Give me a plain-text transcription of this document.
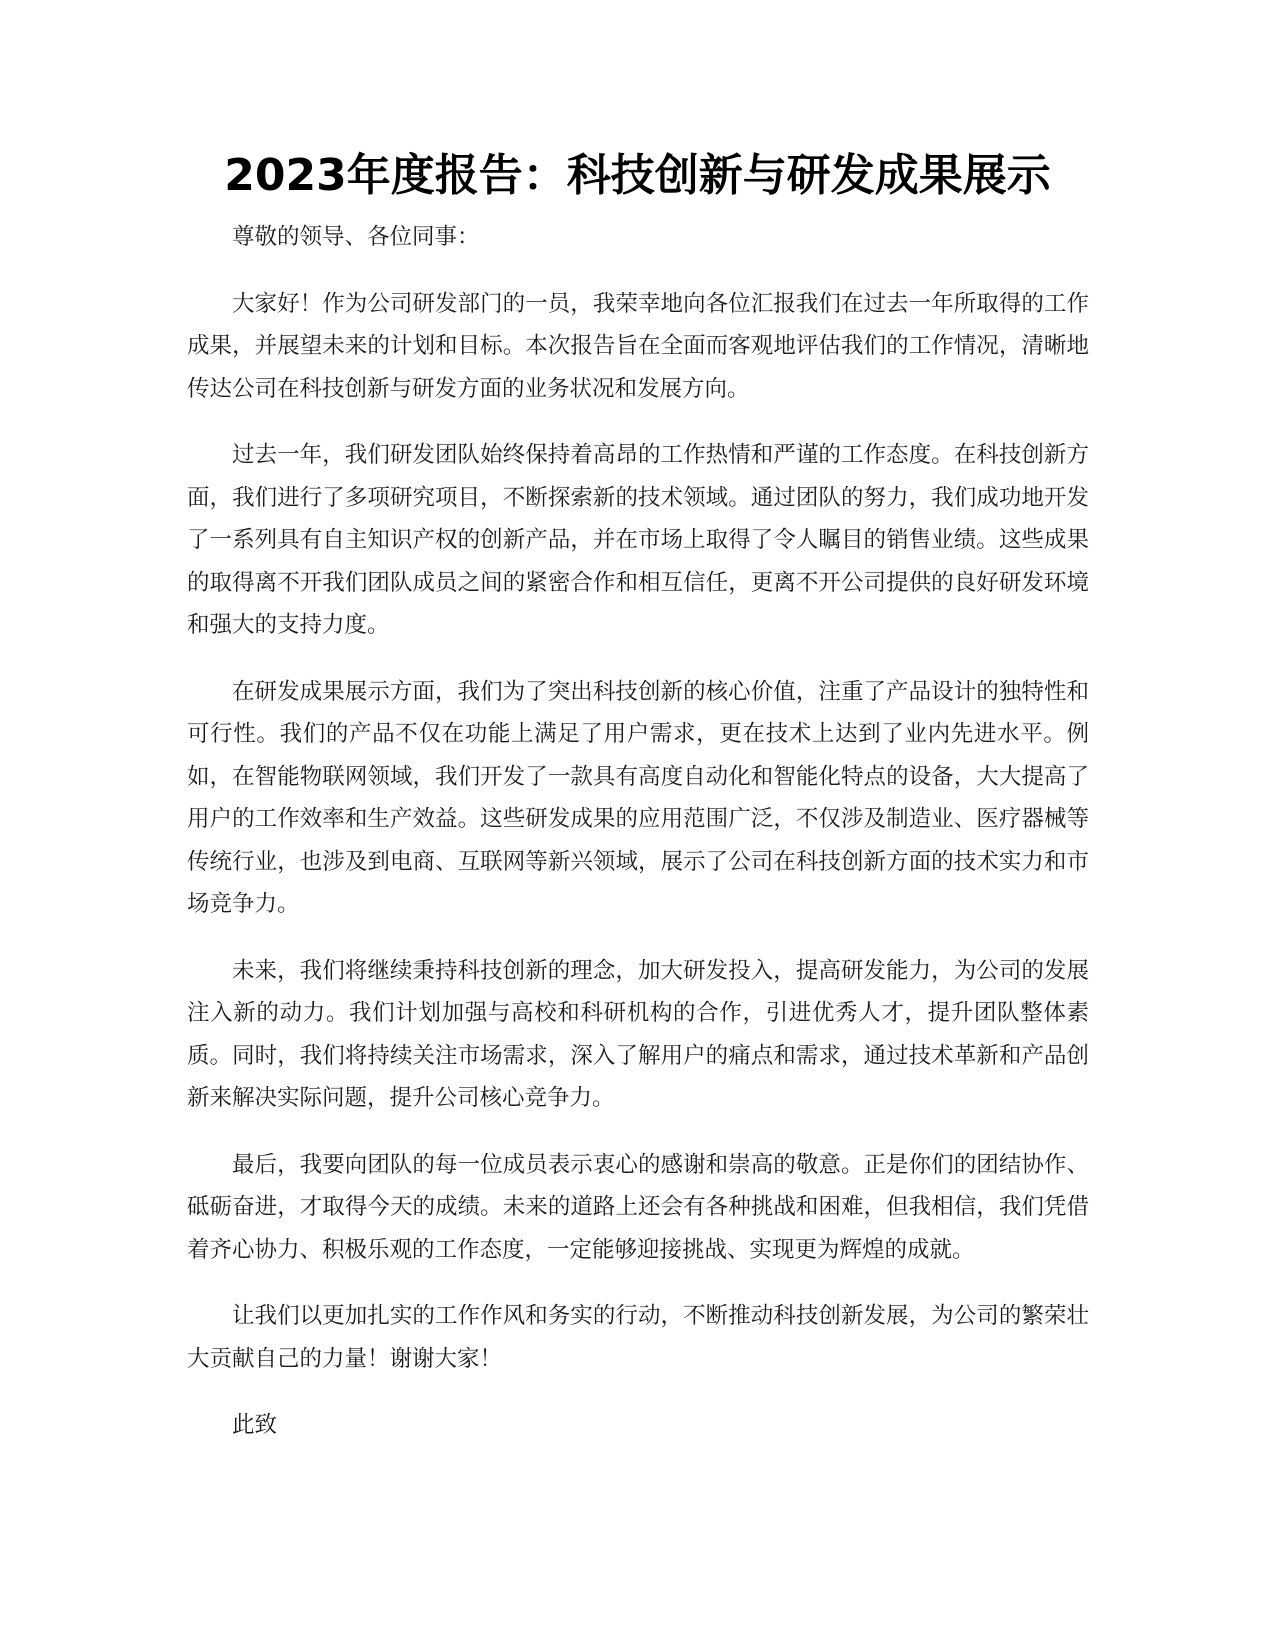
2023年度报告：科技创新与研发成果展示

尊敬的领导、各位同事：

大家好！作为公司研发部门的一员，我荣幸地向各位汇报我们在过去一年所取得的工作成果，并展望未来的计划和目标。本次报告旨在全面而客观地评估我们的工作情况，清晰地传达公司在科技创新与研发方面的业务状况和发展方向。

过去一年，我们研发团队始终保持着高昂的工作热情和严谨的工作态度。在科技创新方面，我们进行了多项研究项目，不断探索新的技术领域。通过团队的努力，我们成功地开发了一系列具有自主知识产权的创新产品，并在市场上取得了令人瞩目的销售业绩。这些成果的取得离不开我们团队成员之间的紧密合作和相互信任，更离不开公司提供的良好研发环境和强大的支持力度。

在研发成果展示方面，我们为了突出科技创新的核心价值，注重了产品设计的独特性和可行性。我们的产品不仅在功能上满足了用户需求，更在技术上达到了业内先进水平。例如，在智能物联网领域，我们开发了一款具有高度自动化和智能化特点的设备，大大提高了用户的工作效率和生产效益。这些研发成果的应用范围广泛，不仅涉及制造业、医疗器械等传统行业，也涉及到电商、互联网等新兴领域，展示了公司在科技创新方面的技术实力和市场竞争力。

未来，我们将继续秉持科技创新的理念，加大研发投入，提高研发能力，为公司的发展注入新的动力。我们计划加强与高校和科研机构的合作，引进优秀人才，提升团队整体素质。同时，我们将持续关注市场需求，深入了解用户的痛点和需求，通过技术革新和产品创新来解决实际问题，提升公司核心竞争力。

最后，我要向团队的每一位成员表示衷心的感谢和崇高的敬意。正是你们的团结协作、砥砺奋进，才取得今天的成绩。未来的道路上还会有各种挑战和困难，但我相信，我们凭借着齐心协力、积极乐观的工作态度，一定能够迎接挑战、实现更为辉煌的成就。

让我们以更加扎实的工作作风和务实的行动，不断推动科技创新发展，为公司的繁荣壮大贡献自己的力量！谢谢大家！

此致
